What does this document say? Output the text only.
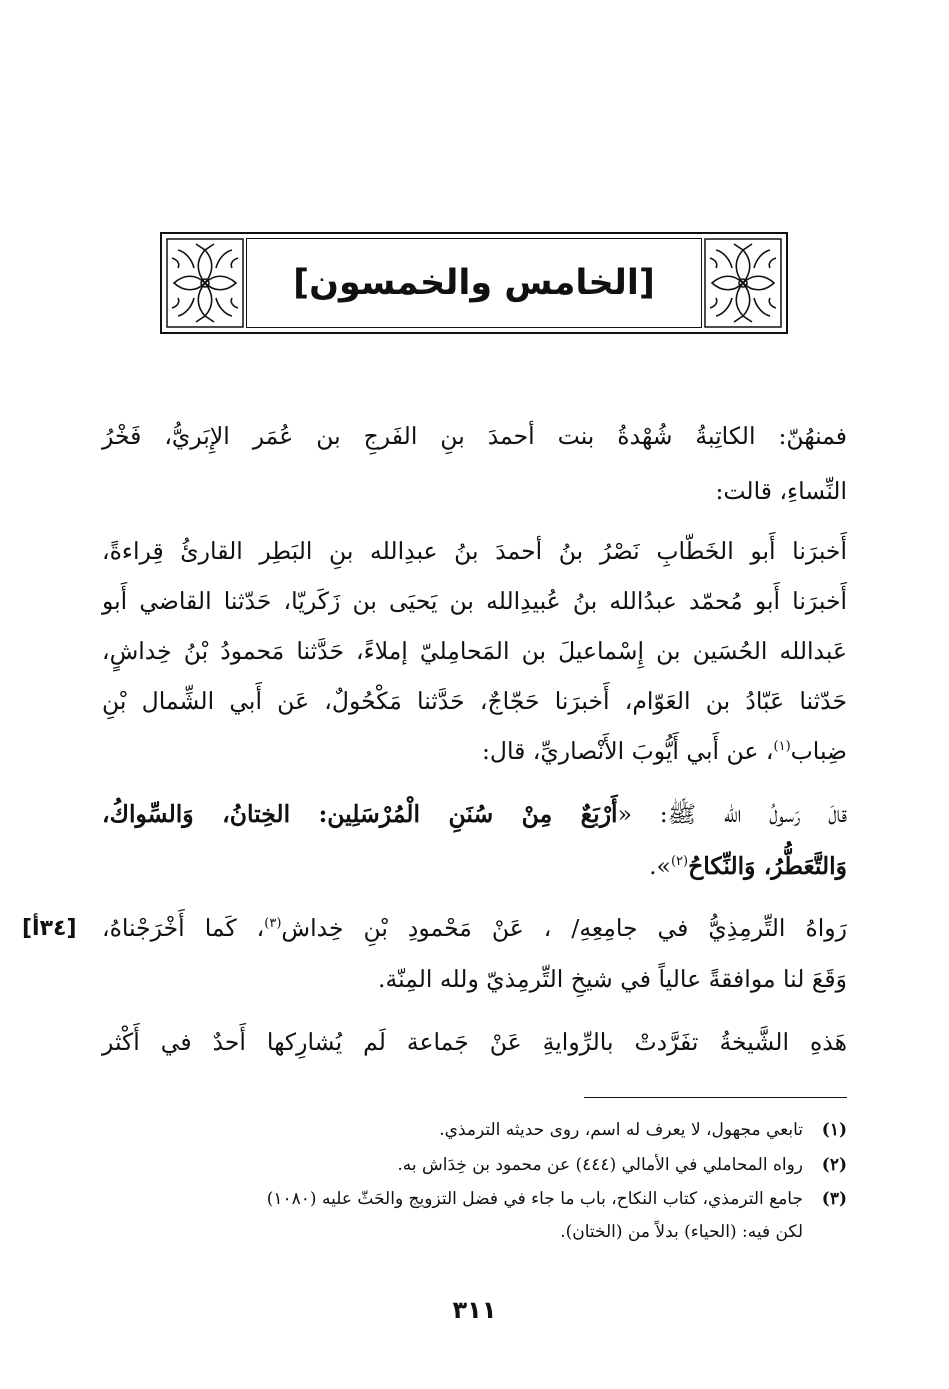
[الخامس والخمسون]
فمنهُنّ: الكاتِبةُ شُهْدةُ بنت أحمدَ بنِ الفَرجِ بن عُمَر الإِبَريُّ، فَخْرُ
النِّساءِ، قالت:
أَخبرَنا أَبو الخَطّابِ نَصْرُ بنُ أحمدَ بنُ عبدِالله بنِ البَطِر القارئُ قِراءةً،
أَخبرَنا أَبو مُحمّد عبدُالله بنُ عُبيدِالله بن يَحيَى بن زَكَريّا، حَدّثنا القاضي أَبو
عَبدالله الحُسَين بن إِسْماعيلَ بن المَحامِليّ إملاءً، حَدَّثنا مَحمودُ بْنُ خِداشٍ،
حَدّثنا عَبّادُ بن العَوّام، أَخبرَنا حَجّاجٌ، حَدَّثنا مَكْحُولٌ، عَن أَبي الشِّمال بْنِ
ضِباب$^{(١)}$، عن أَبي أَيُّوبَ الأَنْصاريِّ، قال:
قالَ رَسولُ الله ﷺ: «أَرْبَعٌ مِنْ سُنَنِ الْمُرْسَلِين: الخِتانُ، وَالسِّواكُ،
وَالتَّعَطُّرُ، وَالنِّكاحُ$^{(٢)}$».
[٣٤أ]	رَواهُ التِّرمِذِيُّ في جامِعِهِ/ ، عَنْ مَحْمودِ بْنِ خِداش$^{(٣)}$، كَما أَخْرَجْناهُ،
وَقَعَ لنا موافقةً عالياً في شيخِ التِّرمِذيّ ولله المِنّة.
هَذهِ الشَّيخةُ تفَرَّدتْ بالرِّوايةِ عَنْ جَماعة لَم يُشارِكها أَحدٌ في أَكْثر
(١)تابعي مجهول، لا يعرف له اسم، روى حديثه الترمذي.
(٢)رواه المحاملي في الأمالي (٤٤٤) عن محمود بن خِدَاش به.
(٣)جامع الترمذي، كتاب النكاح، باب ما جاء في فضل التزويج والحَثّ عليه (١٠٨٠)
لكن فيه: (الحياء) بدلاً من (الختان).
٣١١
